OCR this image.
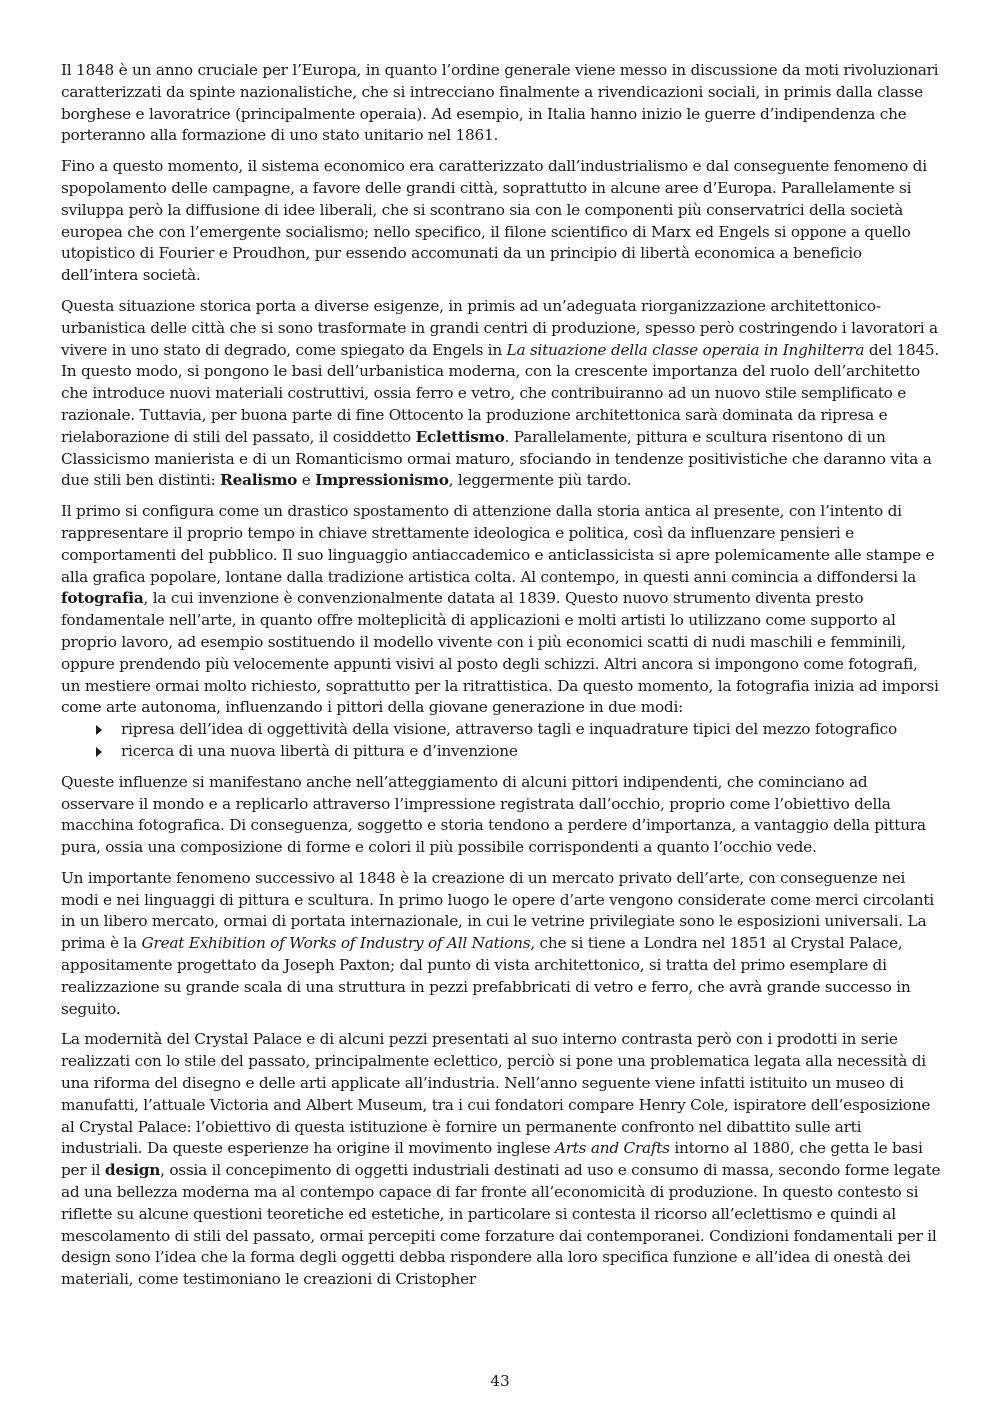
Il 1848 è un anno cruciale per l’Europa, in quanto l’ordine generale viene messo in discussione da moti rivoluzionari caratterizzati da spinte nazionalistiche, che si intrecciano finalmente a rivendicazioni sociali, in primis dalla classe borghese e lavoratrice (principalmente operaia). Ad esempio, in Italia hanno inizio le guerre d’indipendenza che porteranno alla formazione di uno stato unitario nel 1861.

Fino a questo momento, il sistema economico era caratterizzato dall’industrialismo e dal conseguente fenomeno di spopolamento delle campagne, a favore delle grandi città, soprattutto in alcune aree d’Europa. Parallelamente si sviluppa però la diffusione di idee liberali, che si scontrano sia con le componenti più conservatrici della società europea che con l’emergente socialismo; nello specifico, il filone scientifico di Marx ed Engels si oppone a quello utopistico di Fourier e Proudhon, pur essendo accomunati da un principio di libertà economica a beneficio dell’intera società.

Questa situazione storica porta a diverse esigenze, in primis ad un’adeguata riorganizzazione architettonico-urbanistica delle città che si sono trasformate in grandi centri di produzione, spesso però costringendo i lavoratori a vivere in uno stato di degrado, come spiegato da Engels in La situazione della classe operaia in Inghilterra del 1845. In questo modo, si pongono le basi dell’urbanistica moderna, con la crescente importanza del ruolo dell’architetto che introduce nuovi materiali costruttivi, ossia ferro e vetro, che contribuiranno ad un nuovo stile semplificato e razionale. Tuttavia, per buona parte di fine Ottocento la produzione architettonica sarà dominata da ripresa e rielaborazione di stili del passato, il cosiddetto Eclettismo. Parallelamente, pittura e scultura risentono di un Classicismo manierista e di un Romanticismo ormai maturo, sfociando in tendenze positivistiche che daranno vita a due stili ben distinti: Realismo e Impressionismo, leggermente più tardo.

Il primo si configura come un drastico spostamento di attenzione dalla storia antica al presente, con l’intento di rappresentare il proprio tempo in chiave strettamente ideologica e politica, così da influenzare pensieri e comportamenti del pubblico. Il suo linguaggio antiaccademico e anticlassicista si apre polemicamente alle stampe e alla grafica popolare, lontane dalla tradizione artistica colta. Al contempo, in questi anni comincia a diffondersi la fotografia, la cui invenzione è convenzionalmente datata al 1839. Questo nuovo strumento diventa presto fondamentale nell’arte, in quanto offre molteplicità di applicazioni e molti artisti lo utilizzano come supporto al proprio lavoro, ad esempio sostituendo il modello vivente con i più economici scatti di nudi maschili e femminili, oppure prendendo più velocemente appunti visivi al posto degli schizzi. Altri ancora si impongono come fotografi, un mestiere ormai molto richiesto, soprattutto per la ritrattistica. Da questo momento, la fotografia inizia ad imporsi come arte autonoma, influenzando i pittori della giovane generazione in due modi:

ripresa dell’idea di oggettività della visione, attraverso tagli e inquadrature tipici del mezzo fotografico
ricerca di una nuova libertà di pittura e d’invenzione

Queste influenze si manifestano anche nell’atteggiamento di alcuni pittori indipendenti, che cominciano ad osservare il mondo e a replicarlo attraverso l’impressione registrata dall’occhio, proprio come l’obiettivo della macchina fotografica. Di conseguenza, soggetto e storia tendono a perdere d’importanza, a vantaggio della pittura pura, ossia una composizione di forme e colori il più possibile corrispondenti a quanto l’occhio vede.

Un importante fenomeno successivo al 1848 è la creazione di un mercato privato dell’arte, con conseguenze nei modi e nei linguaggi di pittura e scultura. In primo luogo le opere d’arte vengono considerate come merci circolanti in un libero mercato, ormai di portata internazionale, in cui le vetrine privilegiate sono le esposizioni universali. La prima è la Great Exhibition of Works of Industry of All Nations, che si tiene a Londra nel 1851 al Crystal Palace, appositamente progettato da Joseph Paxton; dal punto di vista architettonico, si tratta del primo esemplare di realizzazione su grande scala di una struttura in pezzi prefabbricati di vetro e ferro, che avrà grande successo in seguito.

La modernità del Crystal Palace e di alcuni pezzi presentati al suo interno contrasta però con i prodotti in serie realizzati con lo stile del passato, principalmente eclettico, perciò si pone una problematica legata alla necessità di una riforma del disegno e delle arti applicate all’industria. Nell’anno seguente viene infatti istituito un museo di manufatti, l’attuale Victoria and Albert Museum, tra i cui fondatori compare Henry Cole, ispiratore dell’esposizione al Crystal Palace: l’obiettivo di questa istituzione è fornire un permanente confronto nel dibattito sulle arti industriali. Da queste esperienze ha origine il movimento inglese Arts and Crafts intorno al 1880, che getta le basi per il design, ossia il concepimento di oggetti industriali destinati ad uso e consumo di massa, secondo forme legate ad una bellezza moderna ma al contempo capace di far fronte all’economicità di produzione. In questo contesto si riflette su alcune questioni teoretiche ed estetiche, in particolare si contesta il ricorso all’eclettismo e quindi al mescolamento di stili del passato, ormai percepiti come forzature dai contemporanei. Condizioni fondamentali per il design sono l’idea che la forma degli oggetti debba rispondere alla loro specifica funzione e all’idea di onestà dei materiali, come testimoniano le creazioni di Cristopher

43
